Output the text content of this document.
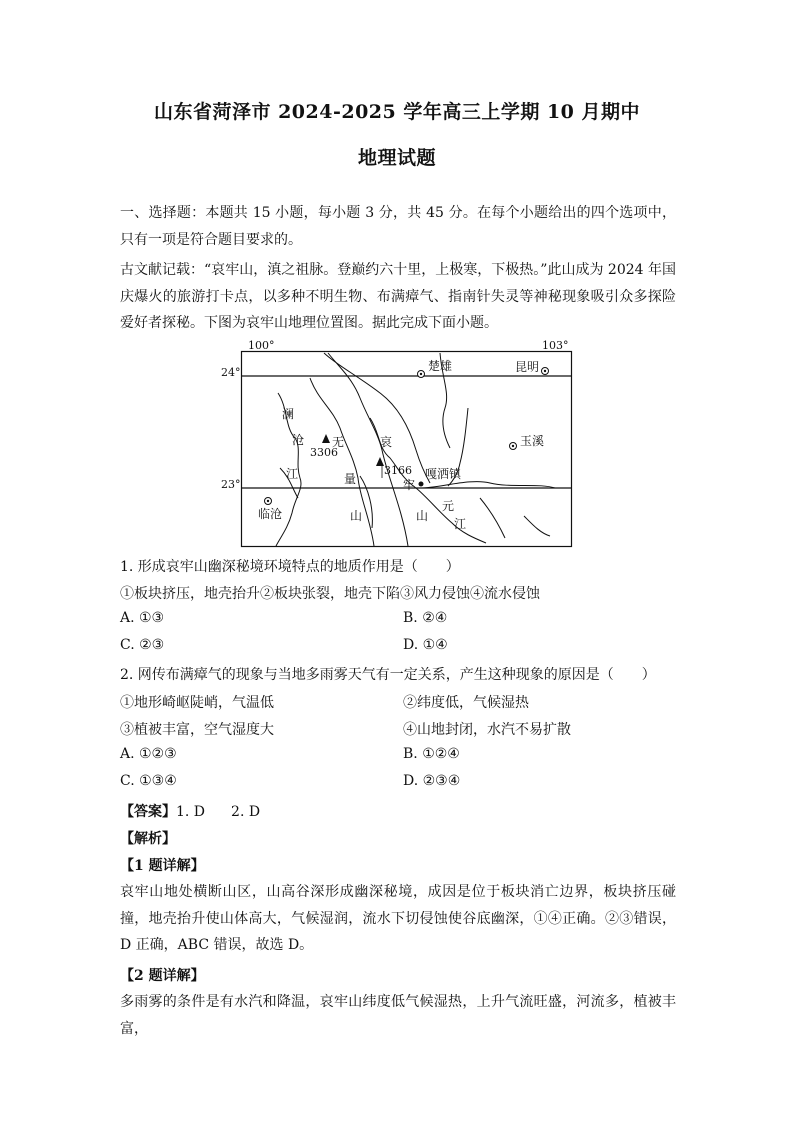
山东省菏泽市 2024-2025 学年高三上学期 10 月期中
地理试题
一、选择题：本题共 15 小题，每小题 3 分，共 45 分。在每个小题给出的四个选项中，只有一项是符合题目要求的。
古文献记载：“哀牢山，滇之祖脉。登巅约六十里，上极寒，下极热。”此山成为 2024 年国庆爆火的旅游打卡点，以多种不明生物、布满瘴气、指南针失灵等神秘现象吸引众多探险爱好者探秘。下图为哀牢山地理位置图。据此完成下面小题。
100°	103°
24°
23°
楚雄	昆明
玉溪
临沧
嘎洒镇
3306
3166
澜
沧
江
无
量
山
哀
牢
山
元
江
1. 形成哀牢山幽深秘境环境特点的地质作用是（　　）
①板块挤压，地壳抬升②板块张裂，地壳下陷③风力侵蚀④流水侵蚀
A. ①③	B. ②④
C. ②③	D. ①④
2. 网传布满瘴气的现象与当地多雨雾天气有一定关系，产生这种现象的原因是（　　）
①地形崎岖陡峭，气温低	②纬度低，气候湿热
③植被丰富，空气湿度大	④山地封闭，水汽不易扩散
A. ①②③	B. ①②④
C. ①③④	D. ②③④
【答案】1. D 2. D
【解析】
【1 题详解】
哀牢山地处横断山区，山高谷深形成幽深秘境，成因是位于板块消亡边界，板块挤压碰撞，地壳抬升使山体高大，气候湿润，流水下切侵蚀使谷底幽深，①④正确。②③错误，D 正确，ABC 错误，故选 D。
【2 题详解】
多雨雾的条件是有水汽和降温，哀牢山纬度低气候湿热，上升气流旺盛，河流多，植被丰富，
